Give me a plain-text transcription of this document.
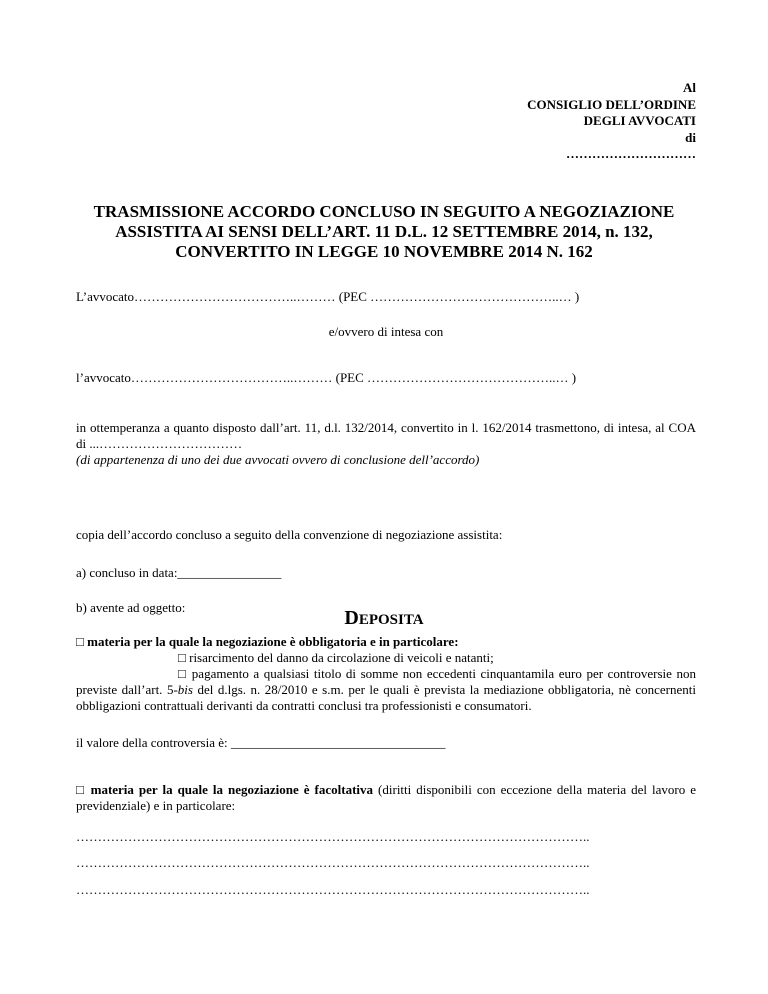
Al
CONSIGLIO DELL’ORDINE
DEGLI AVVOCATI
di
…………………………
TRASMISSIONE ACCORDO CONCLUSO IN SEGUITO A NEGOZIAZIONE
ASSISTITA AI SENSI DELL’ART. 11 D.L. 12 SETTEMBRE 2014, n. 132,
CONVERTITO IN LEGGE 10 NOVEMBRE 2014 N. 162
L’avvocato………………………………..……… (PEC ……………………………………..… )
e/ovvero di intesa con
l’avvocato………………………………..……… (PEC ……………………………………..… )
in ottemperanza a quanto disposto dall’art. 11, d.l. 132/2014, convertito in l. 162/2014 trasmettono, di intesa, al COA di ...……………………………
(di appartenenza di uno dei due avvocati ovvero di conclusione dell’accordo)
DEPOSITA
copia dell’accordo concluso a seguito della convenzione di negoziazione assistita:
a) concluso in data:________________
b) avente ad oggetto:
□ materia per la quale la negoziazione è obbligatoria e in particolare:
□ risarcimento del danno da circolazione di veicoli e natanti;
□ pagamento a qualsiasi titolo di somme non eccedenti cinquantamila euro per controversie non previste dall’art. 5-bis del d.lgs. n. 28/2010 e s.m. per le quali è prevista la mediazione obbligatoria, nè concernenti obbligazioni contrattuali derivanti da contratti conclusi tra professionisti e consumatori.
il valore della controversia è: _________________________________
□ materia per la quale la negoziazione è facoltativa (diritti disponibili con eccezione della materia del lavoro e previdenziale) e in particolare:
………………………………………………………………………………………………………..
………………………………………………………………………………………………………..
………………………………………………………………………………………………………..
